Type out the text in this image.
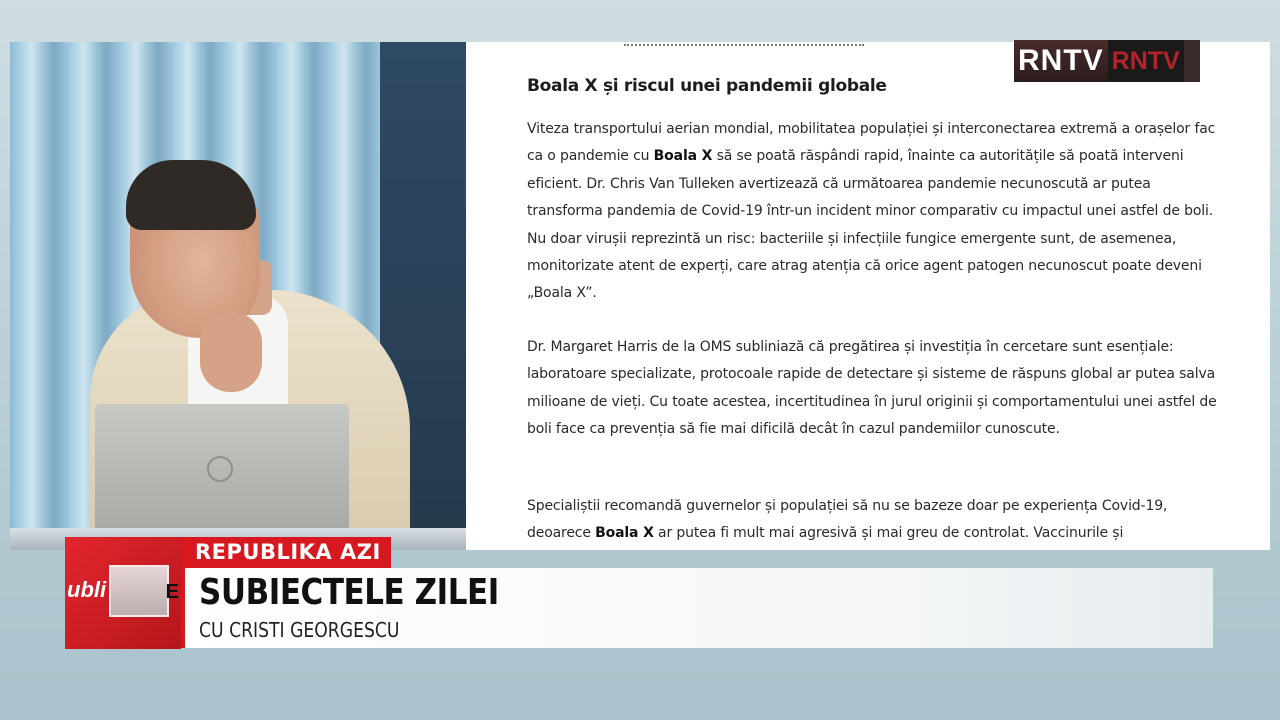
Boala X și riscul unei pandemii globale

Viteza transportului aerian mondial, mobilitatea populației și interconectarea extremă a orașelor fac ca o pandemie cu Boala X să se poată răspândi rapid, înainte ca autoritățile să poată interveni eficient. Dr. Chris Van Tulleken avertizează că următoarea pandemie necunoscută ar putea transforma pandemia de Covid-19 într-un incident minor comparativ cu impactul unei astfel de boli. Nu doar virușii reprezintă un risc: bacteriile și infecțiile fungice emergente sunt, de asemenea, monitorizate atent de experți, care atrag atenția că orice agent patogen necunoscut poate deveni „Boala X”.

Dr. Margaret Harris de la OMS subliniază că pregătirea și investiția în cercetare sunt esențiale: laboratoare specializate, protocoale rapide de detectare și sisteme de răspuns global ar putea salva milioane de vieți. Cu toate acestea, incertitudinea în jurul originii și comportamentului unei astfel de boli face ca prevenția să fie mai dificilă decât în cazul pandemiilor cunoscute.

Specialiștii recomandă guvernelor și populației să nu se bazeze doar pe experiența Covid-19, deoarece Boala X ar putea fi mult mai agresivă și mai greu de controlat. Vaccinurile și

RNTV RNTV
ubli	E
REPUBLIKA AZI
SUBIECTELE ZILEI
CU CRISTI GEORGESCU
